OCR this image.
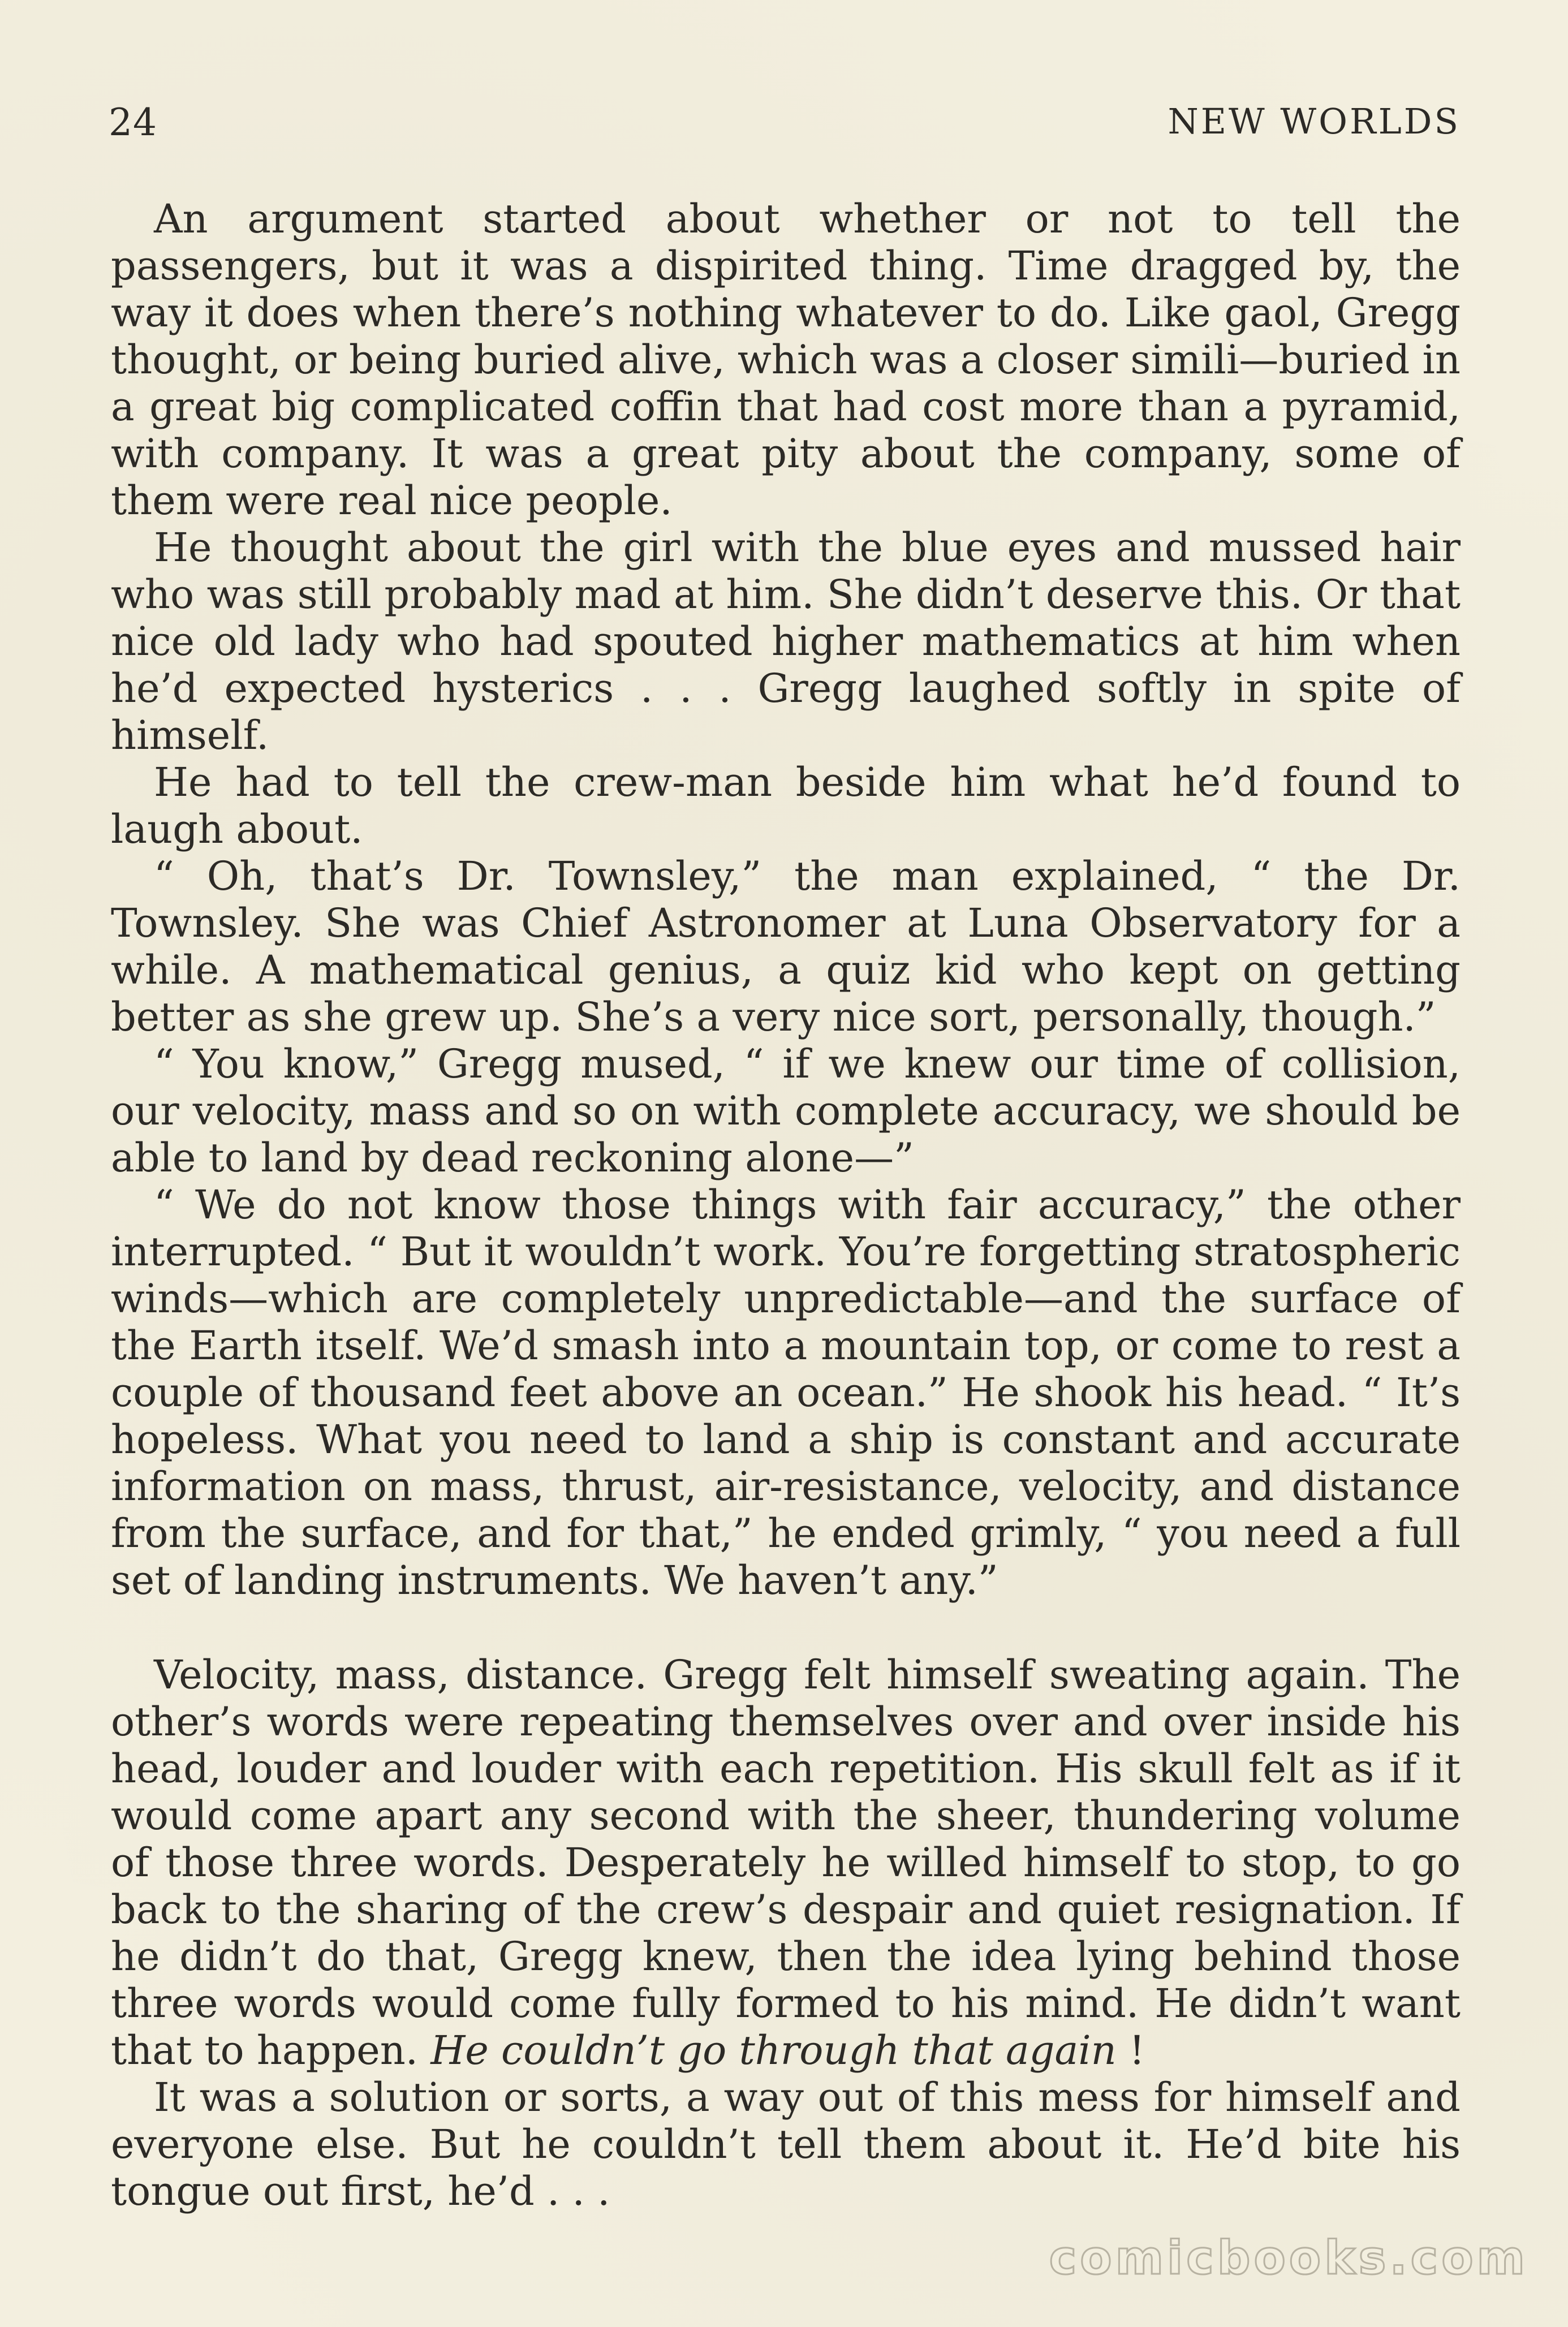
24	NEW WORLDS

An argument started about whether or not to tell the passengers, but it was a dispirited thing. Time dragged by, the way it does when there’s nothing whatever to do. Like gaol, Gregg thought, or being buried alive, which was a closer simili—buried in a great big complicated coffin that had cost more than a pyramid, with company. It was a great pity about the company, some of them were real nice people.

He thought about the girl with the blue eyes and mussed hair who was still probably mad at him. She didn’t deserve this. Or that nice old lady who had spouted higher mathematics at him when he’d expected hysterics . . . Gregg laughed softly in spite of himself.

He had to tell the crew-man beside him what he’d found to laugh about.

“ Oh, that’s Dr. Townsley,” the man explained, “ the Dr. Townsley. She was Chief Astronomer at Luna Observatory for a while. A mathematical genius, a quiz kid who kept on getting better as she grew up. She’s a very nice sort, personally, though.”

“ You know,” Gregg mused, “ if we knew our time of collision, our velocity, mass and so on with complete accuracy, we should be able to land by dead reckoning alone—”

“ We do not know those things with fair accuracy,” the other interrupted. “ But it wouldn’t work. You’re forgetting stratospheric winds—which are completely unpredictable—and the surface of the Earth itself. We’d smash into a mountain top, or come to rest a couple of thousand feet above an ocean.” He shook his head. “ It’s hopeless. What you need to land a ship is constant and accurate information on mass, thrust, air-resistance, velocity, and distance from the surface, and for that,” he ended grimly, “ you need a full set of landing instruments. We haven’t any.”

Velocity, mass, distance. Gregg felt himself sweating again. The other’s words were repeating themselves over and over inside his head, louder and louder with each repetition. His skull felt as if it would come apart any second with the sheer, thundering volume of those three words. Desperately he willed himself to stop, to go back to the sharing of the crew’s despair and quiet resignation. If he didn’t do that, Gregg knew, then the idea lying behind those three words would come fully formed to his mind. He didn’t want that to happen. He couldn’t go through that again !

It was a solution or sorts, a way out of this mess for himself and everyone else. But he couldn’t tell them about it. He’d bite his tongue out first, he’d . . .

comicbooks.com
